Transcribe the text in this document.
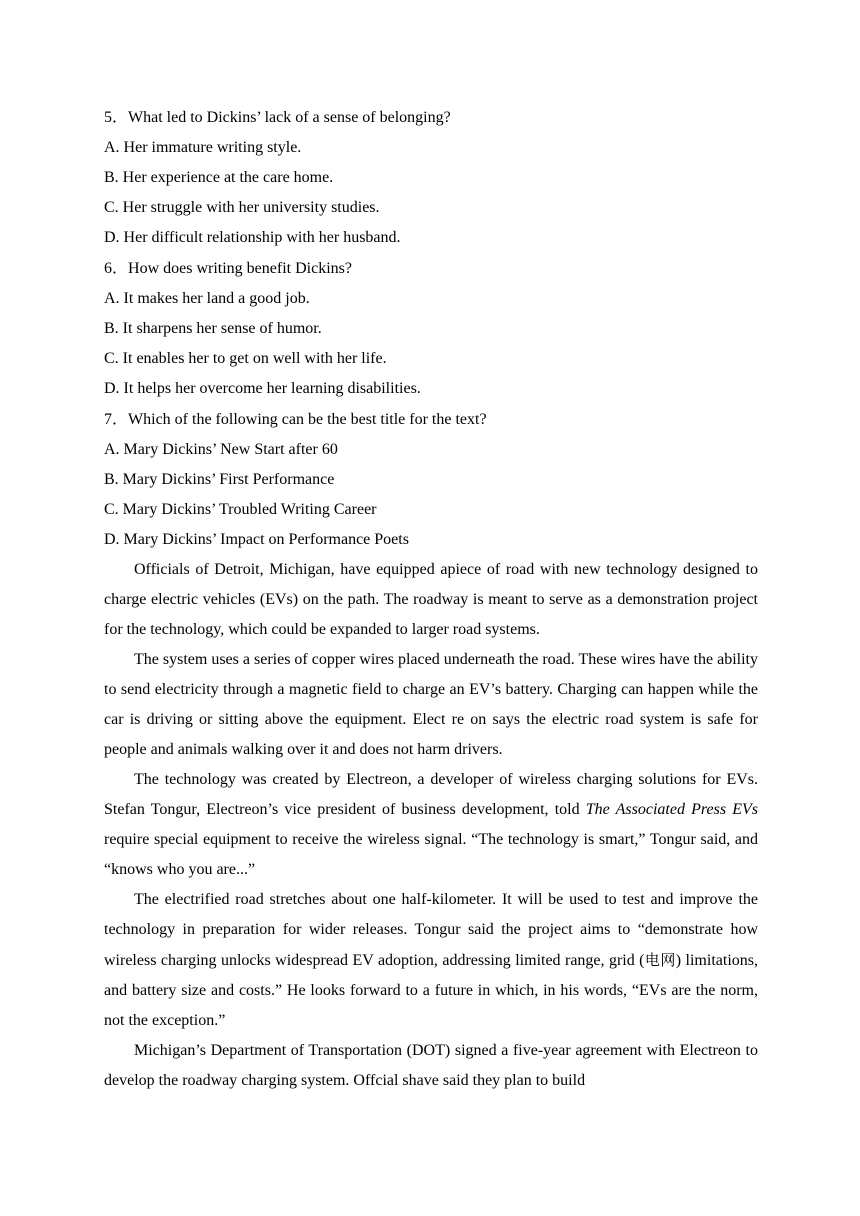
5．What led to Dickins’ lack of a sense of belonging?
A. Her immature writing style.
B. Her experience at the care home.
C. Her struggle with her university studies.
D. Her difficult relationship with her husband.
6．How does writing benefit Dickins?
A. It makes her land a good job.
B. It sharpens her sense of humor.
C. It enables her to get on well with her life.
D. It helps her overcome her learning disabilities.
7．Which of the following can be the best title for the text?
A. Mary Dickins’ New Start after 60
B. Mary Dickins’ First Performance
C. Mary Dickins’ Troubled Writing Career
D. Mary Dickins’ Impact on Performance Poets

Officials of Detroit, Michigan, have equipped apiece of road with new technology designed to charge electric vehicles (EVs) on the path. The roadway is meant to serve as a demonstration project for the technology, which could be expanded to larger road systems.

The system uses a series of copper wires placed underneath the road. These wires have the ability to send electricity through a magnetic field to charge an EV’s battery. Charging can happen while the car is driving or sitting above the equipment. Elect re on says the electric road system is safe for people and animals walking over it and does not harm drivers.

The technology was created by Electreon, a developer of wireless charging solutions for EVs. Stefan Tongur, Electreon’s vice president of business development, told The Associated Press EVs require special equipment to receive the wireless signal. “The technology is smart,” Tongur said, and “knows who you are...”

The electrified road stretches about one half-kilometer. It will be used to test and improve the technology in preparation for wider releases. Tongur said the project aims to “demonstrate how wireless charging unlocks widespread EV adoption, addressing limited range, grid (电网) limitations, and battery size and costs.” He looks forward to a future in which, in his words, “EVs are the norm, not the exception.”

Michigan’s Department of Transportation (DOT) signed a five-year agreement with Electreon to develop the roadway charging system. Offcial shave said they plan to build
